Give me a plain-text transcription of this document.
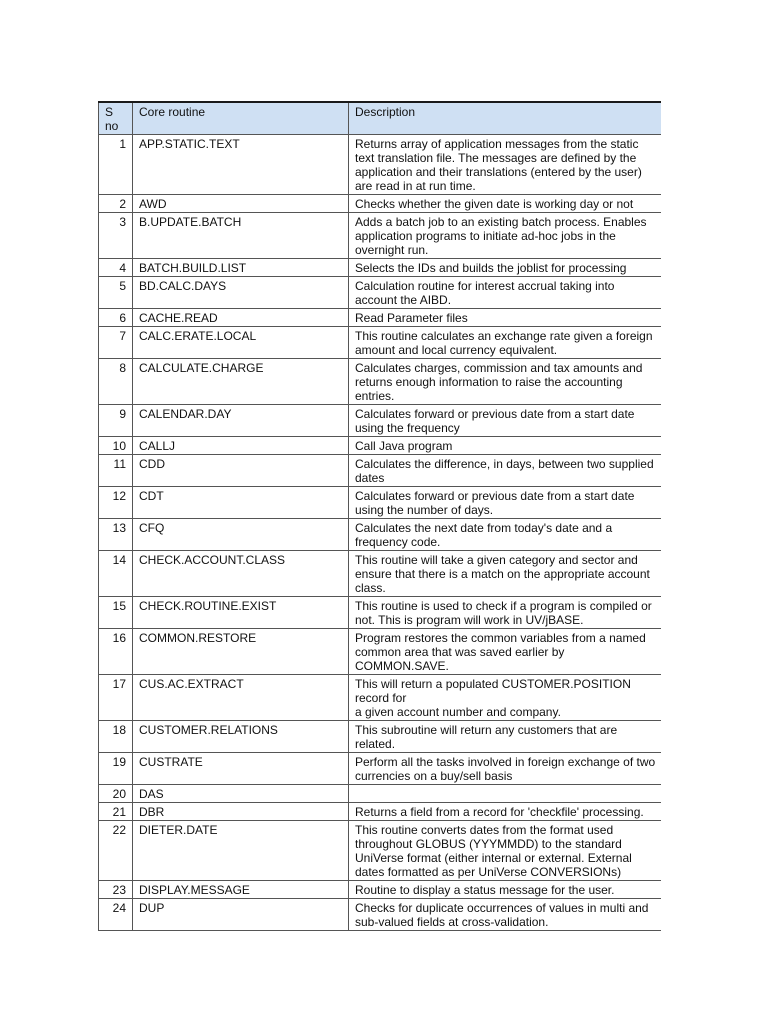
S no	Core routine	Description
1	APP.STATIC.TEXT	Returns array of application messages from the static text translation file. The messages are defined by the application and their translations (entered by the user) are read in at run time.
2	AWD	Checks whether the given date is working day or not
3	B.UPDATE.BATCH	Adds a batch job to an existing batch process. Enables application programs to initiate ad-hoc jobs in the overnight run.
4	BATCH.BUILD.LIST	Selects the IDs and builds the joblist for processing
5	BD.CALC.DAYS	Calculation routine for interest accrual taking into account the AIBD.
6	CACHE.READ	Read Parameter files
7	CALC.ERATE.LOCAL	This routine calculates an exchange rate given a foreign amount and local currency equivalent.
8	CALCULATE.CHARGE	Calculates charges, commission and tax amounts and returns enough information to raise the accounting entries.
9	CALENDAR.DAY	Calculates forward or previous date from a start date using the frequency
10	CALLJ	Call Java program
11	CDD	Calculates the difference, in days, between two supplied dates
12	CDT	Calculates forward or previous date from a start date using the number of days.
13	CFQ	Calculates the next date from today's date and a frequency code.
14	CHECK.ACCOUNT.CLASS	This routine will take a given category and sector and ensure that there is a match on the appropriate account class.
15	CHECK.ROUTINE.EXIST	This routine is used to check if a program is compiled or not. This is program will work in UV/jBASE.
16	COMMON.RESTORE	Program restores the common variables from a named common area that was saved earlier by COMMON.SAVE.
17	CUS.AC.EXTRACT	This will return a populated CUSTOMER.POSITION record for
a given account number and company.
18	CUSTOMER.RELATIONS	This subroutine will return any customers that are related.
19	CUSTRATE	Perform all the tasks involved in foreign exchange of two currencies on a buy/sell basis
20	DAS	
21	DBR	Returns a field from a record for 'checkfile' processing.
22	DIETER.DATE	This routine converts dates from the format used throughout GLOBUS (YYYMMDD) to the standard UniVerse format (either internal or external. External dates formatted as per UniVerse CONVERSIONs)
23	DISPLAY.MESSAGE	Routine to display a status message for the user.
24	DUP	Checks for duplicate occurrences of values in multi and sub-valued fields at cross-validation.
